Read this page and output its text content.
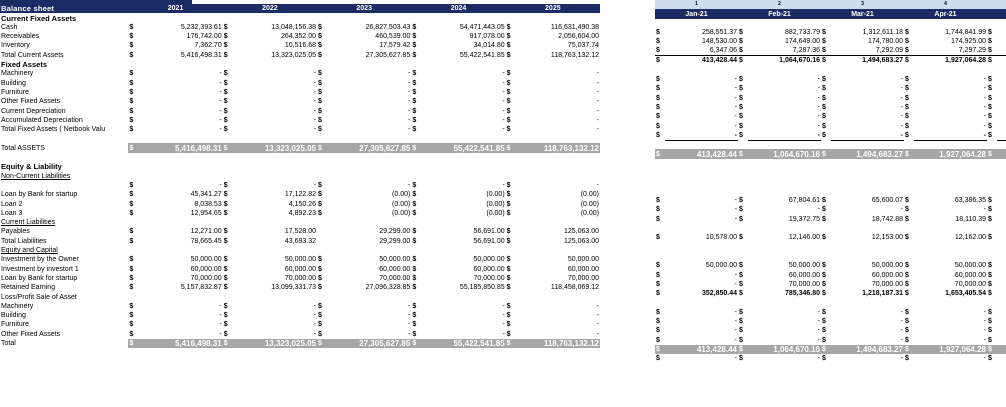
Balance sheet	2021		2022		2023		2024		2025	
Current Fixed Assets										
Cash	$	5,232,393.61	$	13,048,156.38	$	26,827,503.43	$	54,471,443.05	$	116,631,490.38
Receivables	$	176,742.00	$	264,352.00	$	460,539.00	$	917,078.00	$	2,056,604.00
Inventory	$	7,362.70	$	10,516.68	$	17,579.42	$	34,014.80	$	75,037.74
Total Current Assets	$	5,416,498.31	$	13,323,025.05	$	27,305,627.85	$	55,422,541.85	$	118,763,132.12
Fixed Assets										
Machinery	$	-	$	-	$	-	$	-	$	-
Building	$	-	$	-	$	-	$	-	$	-
Furniture	$	-	$	-	$	-	$	-	$	-
Other Fixed Assets	$	-	$	-	$	-	$	-	$	-
Current Depreciation	$	-	$	-	$	-	$	-	$	-
Accumulated Depreciation	$	-	$	-	$	-	$	-	$	-
Total Fixed Assets ( Netbook Valu	$	-	$	-	$	-	$	-	$	-

Total ASSETS	$	5,416,498.31	$	13,323,025.05	$	27,305,627.85	$	55,422,541.85	$	118,763,132.12

Equity & Liability										
Non-Current Liabilities										
	$	-	$	-	$	-	$	-	$	-
Loan by Bank for startup	$	45,341.27	$	17,122.82	$	(0.00)	$	(0.00)	$	(0.00)
Loan 2	$	8,038.53	$	4,150.26	$	(0.00)	$	(0.00)	$	(0.00)
Loan 3	$	12,954.65	$	4,892.23	$	(0.00)	$	(0.00)	$	(0.00)
Current Liabilities										
Payables	$	12,271.00	$	17,528.00		29,299.00	$	56,691.00	$	125,063.00
Total Liabilities	$	78,665.45	$	43,693.32		29,299.00	$	56,691.00	$	125,063.00
Equity and Capital										
Investment by the Owner	$	50,000.00	$	50,000.00	$	50,000.00	$	50,000.00	$	50,000.00
Investment by investort 1	$	60,000.00	$	60,000.00	$	60,000.00	$	60,000.00	$	60,000.00
Loan by Bank for startup	$	70,000.00	$	70,000.00	$	70,000.00	$	70,000.00	$	70,000.00
Retained Earning	$	5,157,832.87	$	13,099,331.73	$	27,096,328.85	$	55,185,850.85	$	118,458,069.12
Loss/Profit Sale of Asset										
Machinery	$	-	$	-	$	-	$	-	$	-
Building	$	-	$	-	$	-	$	-	$	-
Furniture	$	-	$	-	$	-	$	-	$	-
Other Fixed Assets	$	-	$	-	$	-	$	-	$	-
Total	$	5,416,498.31	$	13,323,025.05	$	27,305,627.85	$	55,422,541.85	$	118,763,132.12
1		2		3		4			
Jan-21		Feb-21		Mar-21		Apr-21			

$	258,551.37	$	882,733.79	$	1,312,611.18	$	1,744,841.99	$	
$	148,530.00	$	174,649.00	$	174,780.00	$	174,925.00	$	
$	6,347.06	$	7,287.36	$	7,292.09	$	7,297.29	$	
$	413,428.44	$	1,064,670.16	$	1,494,683.27	$	1,927,064.28	$	

$	-	$	-	$	-	$	-	$	
$	-	$	-	$	-	$	-	$	
$	-	$	-	$	-	$	-	$	
$	-	$	-	$	-	$	-	$	
$	-	$	-	$	-	$	-	$	
$	-	$	-	$	-	$	-	$	
$	-	$	-	$	-	$	-	$	

$	413,428.44	$	1,064,670.16	$	1,494,683.27	$	1,927,064.28	$	

$	-	$	67,804.61	$	65,600.07	$	63,386.35	$	
$	-	$	-	$	-	$	-	$	
$	-	$	19,372.75	$	18,742.88	$	18,110.39	$	

$	10,578.00	$	12,146.00	$	12,153.00	$	12,162.00	$	

$	50,000.00	$	50,000.00	$	50,000.00	$	50,000.00	$	
$	-	$	60,000.00	$	60,000.00	$	60,000.00	$	
$	-	$	70,000.00	$	70,000.00	$	70,000.00	$	
$	352,850.44	$	785,346.80	$	1,218,187.31	$	1,653,405.54	$	

$	-	$	-	$	-	$	-	$	
$	-	$	-	$	-	$	-	$	
$	-	$	-	$	-	$	-	$	
$	-	$	-	$	-	$	-	$	
$	413,428.44	$	1,064,670.16	$	1,494,683.27	$	1,927,064.28	$	
$	-	$	-	$	-	$	-	$	
